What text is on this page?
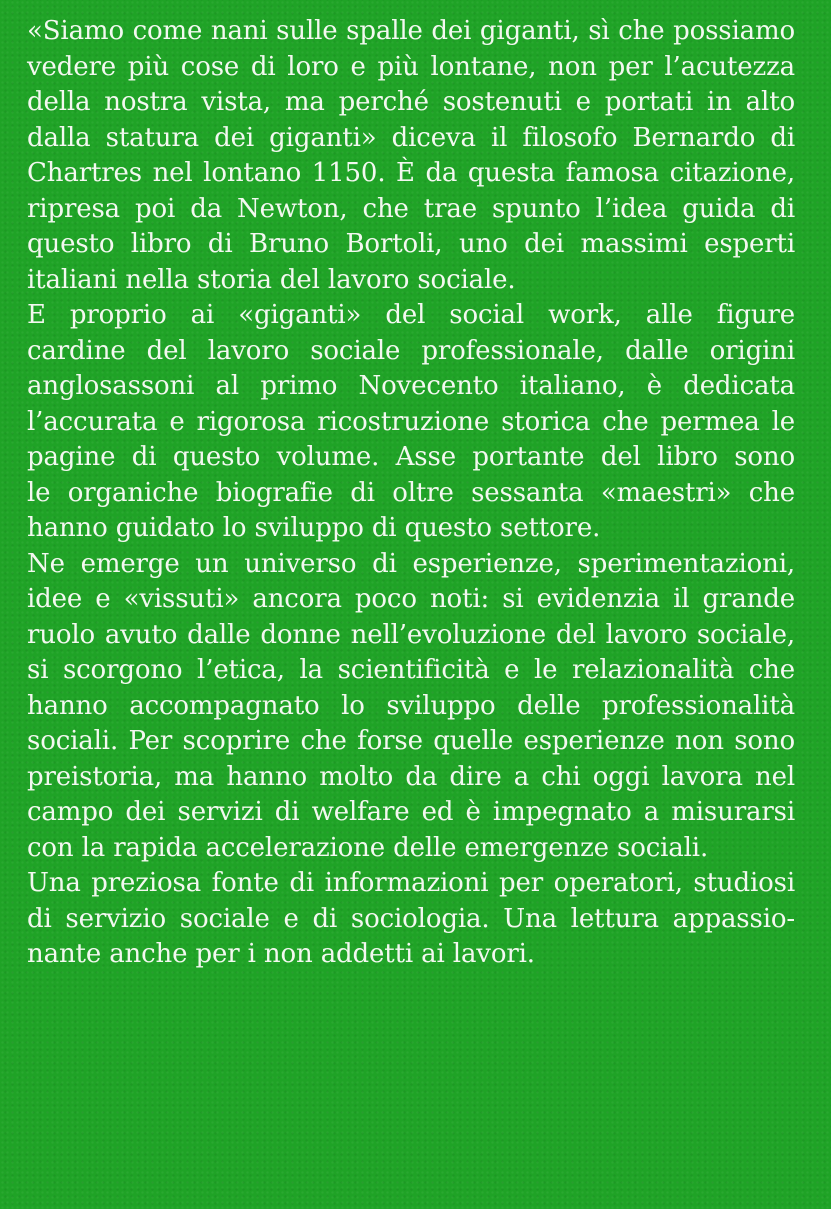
«Siamo come nani sulle spalle dei giganti, sì che possiamo
vedere più cose di loro e più lontane, non per l’acutezza
della nostra vista, ma perché sostenuti e portati in alto
dalla statura dei giganti» diceva il filosofo Bernardo di
Chartres nel lontano 1150. È da questa famosa citazione,
ripresa poi da Newton, che trae spunto l’idea guida di
questo libro di Bruno Bortoli, uno dei massimi esperti
italiani nella storia del lavoro sociale.

E proprio ai «giganti» del social work, alle figure
cardine del lavoro sociale professionale, dalle origini
anglosassoni al primo Novecento italiano, è dedicata
l’accurata e rigorosa ricostruzione storica che permea le
pagine di questo volume. Asse portante del libro sono
le organiche biografie di oltre sessanta «maestri» che
hanno guidato lo sviluppo di questo settore.

Ne emerge un universo di esperienze, sperimentazioni,
idee e «vissuti» ancora poco noti: si evidenzia il grande
ruolo avuto dalle donne nell’evoluzione del lavoro sociale,
si scorgono l’etica, la scientificità e le relazionalità che
hanno accompagnato lo sviluppo delle professionalità
sociali. Per scoprire che forse quelle esperienze non sono
preistoria, ma hanno molto da dire a chi oggi lavora nel
campo dei servizi di welfare ed è impegnato a misurarsi
con la rapida accelerazione delle emergenze sociali.

Una preziosa fonte di informazioni per operatori, studiosi
di servizio sociale e di sociologia. Una lettura appassio-
nante anche per i non addetti ai lavori.
